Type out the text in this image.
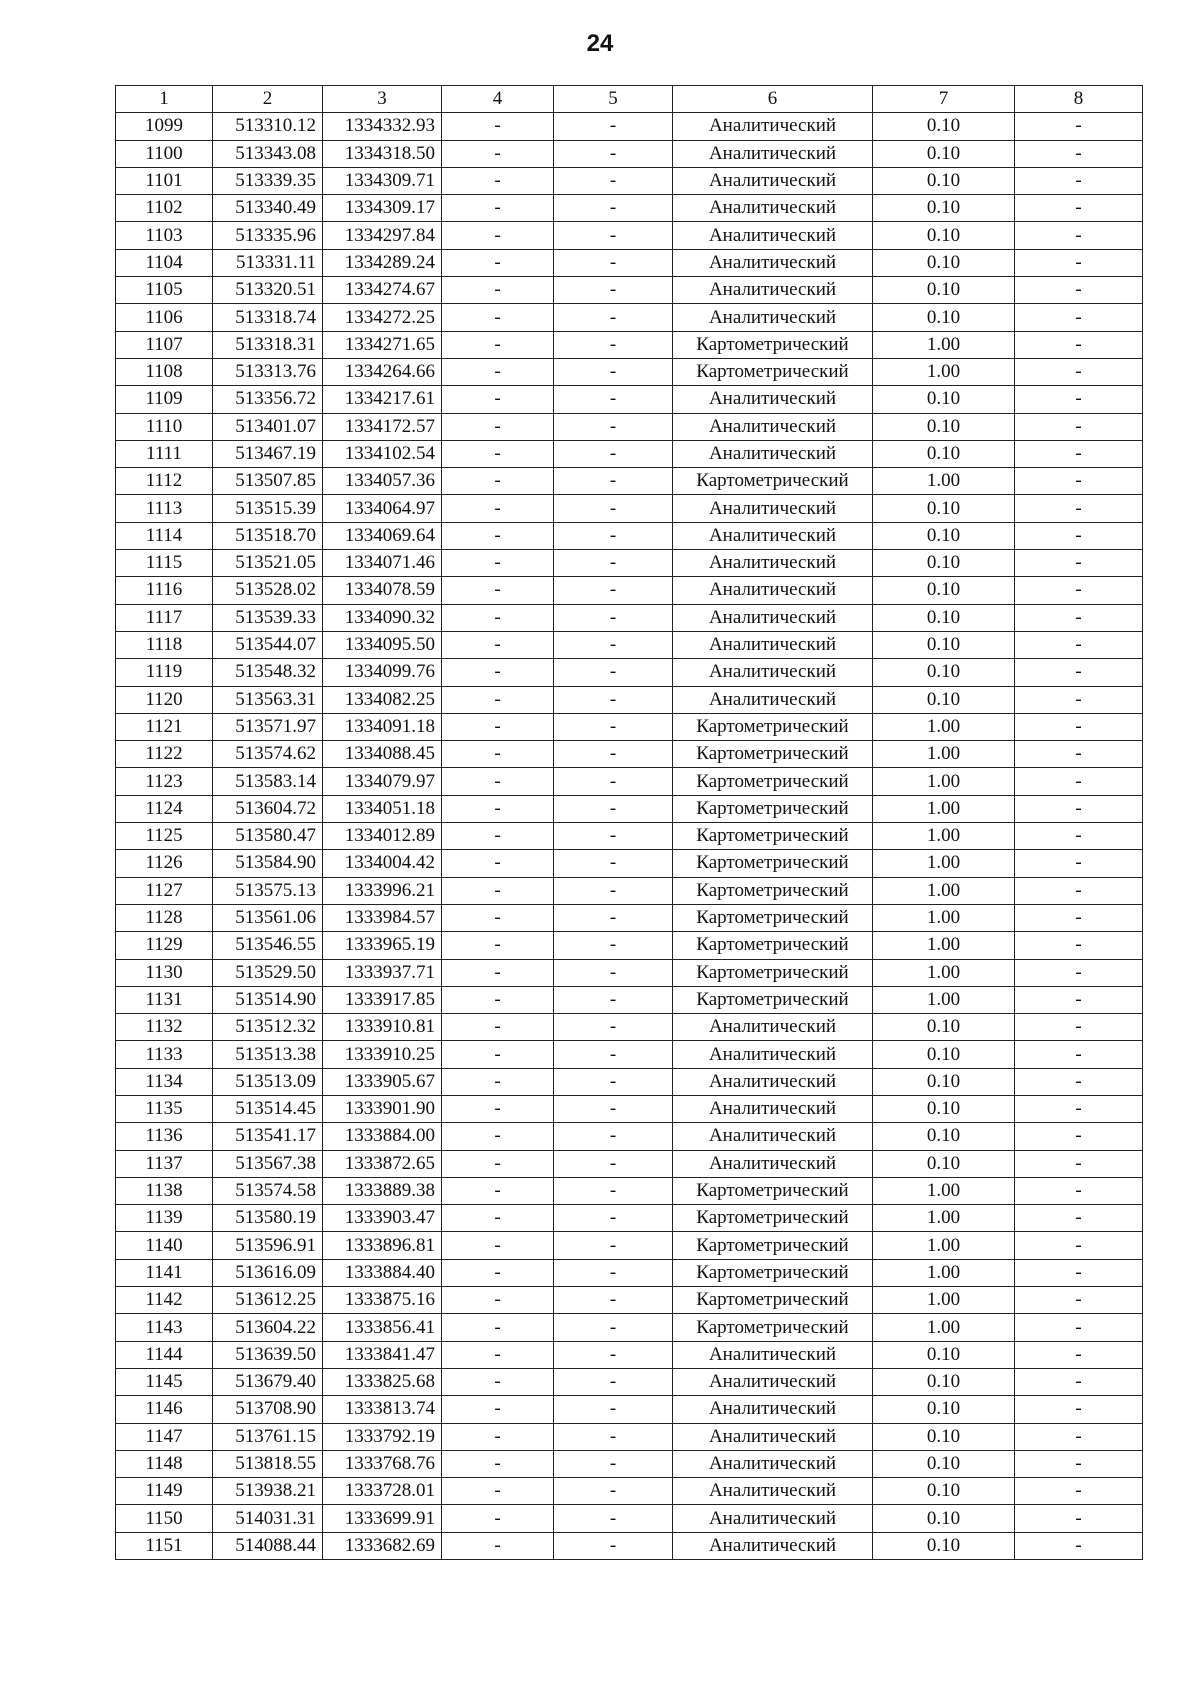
24
1	2	3	4	5	6	7	8
1099	513310.12	1334332.93	-	-	Аналитический	0.10	-
1100	513343.08	1334318.50	-	-	Аналитический	0.10	-
1101	513339.35	1334309.71	-	-	Аналитический	0.10	-
1102	513340.49	1334309.17	-	-	Аналитический	0.10	-
1103	513335.96	1334297.84	-	-	Аналитический	0.10	-
1104	513331.11	1334289.24	-	-	Аналитический	0.10	-
1105	513320.51	1334274.67	-	-	Аналитический	0.10	-
1106	513318.74	1334272.25	-	-	Аналитический	0.10	-
1107	513318.31	1334271.65	-	-	Картометрический	1.00	-
1108	513313.76	1334264.66	-	-	Картометрический	1.00	-
1109	513356.72	1334217.61	-	-	Аналитический	0.10	-
1110	513401.07	1334172.57	-	-	Аналитический	0.10	-
1111	513467.19	1334102.54	-	-	Аналитический	0.10	-
1112	513507.85	1334057.36	-	-	Картометрический	1.00	-
1113	513515.39	1334064.97	-	-	Аналитический	0.10	-
1114	513518.70	1334069.64	-	-	Аналитический	0.10	-
1115	513521.05	1334071.46	-	-	Аналитический	0.10	-
1116	513528.02	1334078.59	-	-	Аналитический	0.10	-
1117	513539.33	1334090.32	-	-	Аналитический	0.10	-
1118	513544.07	1334095.50	-	-	Аналитический	0.10	-
1119	513548.32	1334099.76	-	-	Аналитический	0.10	-
1120	513563.31	1334082.25	-	-	Аналитический	0.10	-
1121	513571.97	1334091.18	-	-	Картометрический	1.00	-
1122	513574.62	1334088.45	-	-	Картометрический	1.00	-
1123	513583.14	1334079.97	-	-	Картометрический	1.00	-
1124	513604.72	1334051.18	-	-	Картометрический	1.00	-
1125	513580.47	1334012.89	-	-	Картометрический	1.00	-
1126	513584.90	1334004.42	-	-	Картометрический	1.00	-
1127	513575.13	1333996.21	-	-	Картометрический	1.00	-
1128	513561.06	1333984.57	-	-	Картометрический	1.00	-
1129	513546.55	1333965.19	-	-	Картометрический	1.00	-
1130	513529.50	1333937.71	-	-	Картометрический	1.00	-
1131	513514.90	1333917.85	-	-	Картометрический	1.00	-
1132	513512.32	1333910.81	-	-	Аналитический	0.10	-
1133	513513.38	1333910.25	-	-	Аналитический	0.10	-
1134	513513.09	1333905.67	-	-	Аналитический	0.10	-
1135	513514.45	1333901.90	-	-	Аналитический	0.10	-
1136	513541.17	1333884.00	-	-	Аналитический	0.10	-
1137	513567.38	1333872.65	-	-	Аналитический	0.10	-
1138	513574.58	1333889.38	-	-	Картометрический	1.00	-
1139	513580.19	1333903.47	-	-	Картометрический	1.00	-
1140	513596.91	1333896.81	-	-	Картометрический	1.00	-
1141	513616.09	1333884.40	-	-	Картометрический	1.00	-
1142	513612.25	1333875.16	-	-	Картометрический	1.00	-
1143	513604.22	1333856.41	-	-	Картометрический	1.00	-
1144	513639.50	1333841.47	-	-	Аналитический	0.10	-
1145	513679.40	1333825.68	-	-	Аналитический	0.10	-
1146	513708.90	1333813.74	-	-	Аналитический	0.10	-
1147	513761.15	1333792.19	-	-	Аналитический	0.10	-
1148	513818.55	1333768.76	-	-	Аналитический	0.10	-
1149	513938.21	1333728.01	-	-	Аналитический	0.10	-
1150	514031.31	1333699.91	-	-	Аналитический	0.10	-
1151	514088.44	1333682.69	-	-	Аналитический	0.10	-
